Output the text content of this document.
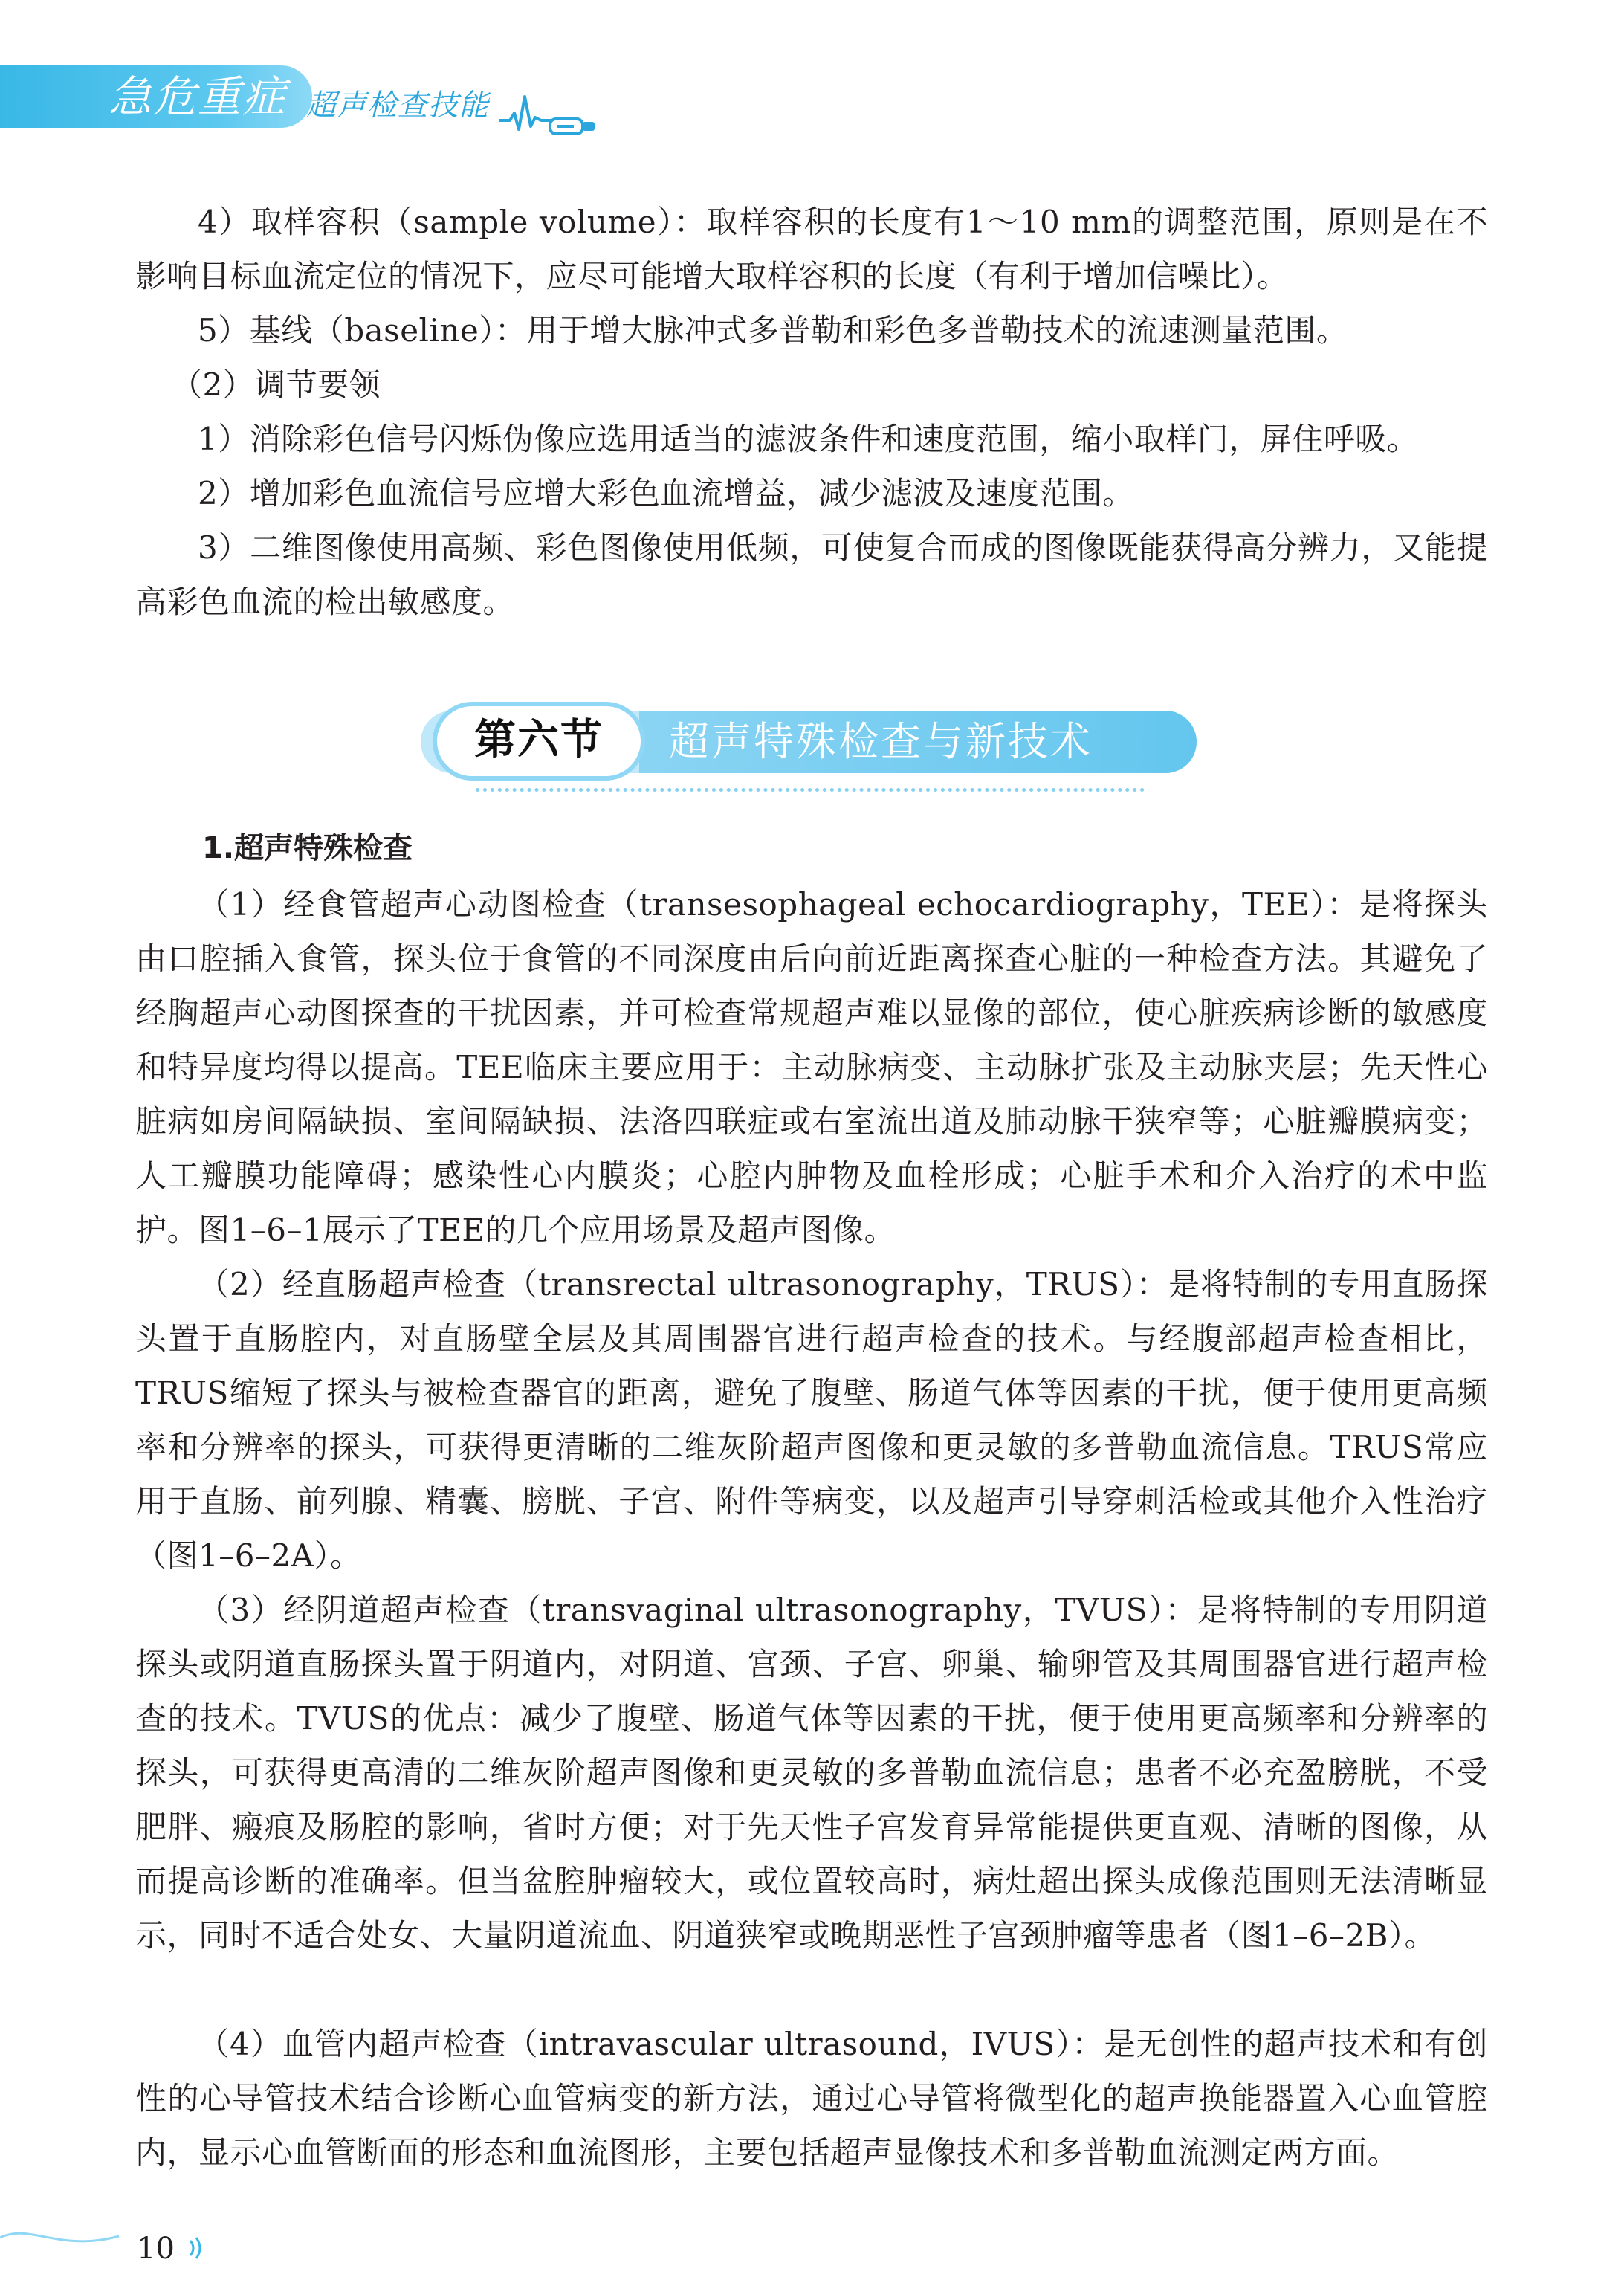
急危重症 超声检查技能

4）取样容积（sample volume）：取样容积的长度有1～10 mm的调整范围，原则是在不影响目标血流定位的情况下，应尽可能增大取样容积的长度（有利于增加信噪比）。

5）基线（baseline）：用于增大脉冲式多普勒和彩色多普勒技术的流速测量范围。

（2）调节要领

1）消除彩色信号闪烁伪像应选用适当的滤波条件和速度范围，缩小取样门，屏住呼吸。

2）增加彩色血流信号应增大彩色血流增益，减少滤波及速度范围。

3）二维图像使用高频、彩色图像使用低频，可使复合而成的图像既能获得高分辨力，又能提高彩色血流的检出敏感度。

第六节	超声特殊检查与新技术

1.超声特殊检查

（1）经食管超声心动图检查（transesophageal echocardiography，TEE）：是将探头由口腔插入食管，探头位于食管的不同深度由后向前近距离探查心脏的一种检查方法。其避免了经胸超声心动图探查的干扰因素，并可检查常规超声难以显像的部位，使心脏疾病诊断的敏感度和特异度均得以提高。TEE临床主要应用于：主动脉病变、主动脉扩张及主动脉夹层；先天性心脏病如房间隔缺损、室间隔缺损、法洛四联症或右室流出道及肺动脉干狭窄等；心脏瓣膜病变；人工瓣膜功能障碍；感染性心内膜炎；心腔内肿物及血栓形成；心脏手术和介入治疗的术中监护。图1–6–1展示了TEE的几个应用场景及超声图像。

（2）经直肠超声检查（transrectal ultrasonography，TRUS）：是将特制的专用直肠探头置于直肠腔内，对直肠壁全层及其周围器官进行超声检查的技术。与经腹部超声检查相比，TRUS缩短了探头与被检查器官的距离，避免了腹壁、肠道气体等因素的干扰，便于使用更高频率和分辨率的探头，可获得更清晰的二维灰阶超声图像和更灵敏的多普勒血流信息。TRUS常应用于直肠、前列腺、精囊、膀胱、子宫、附件等病变，以及超声引导穿刺活检或其他介入性治疗（图1–6–2A）。

（3）经阴道超声检查（transvaginal ultrasonography，TVUS）：是将特制的专用阴道探头或阴道直肠探头置于阴道内，对阴道、宫颈、子宫、卵巢、输卵管及其周围器官进行超声检查的技术。TVUS的优点：减少了腹壁、肠道气体等因素的干扰，便于使用更高频率和分辨率的探头，可获得更高清的二维灰阶超声图像和更灵敏的多普勒血流信息；患者不必充盈膀胱，不受肥胖、瘢痕及肠腔的影响，省时方便；对于先天性子宫发育异常能提供更直观、清晰的图像，从而提高诊断的准确率。但当盆腔肿瘤较大，或位置较高时，病灶超出探头成像范围则无法清晰显示，同时不适合处女、大量阴道流血、阴道狭窄或晚期恶性子宫颈肿瘤等患者（图1–6–2B）。

（4）血管内超声检查（intravascular ultrasound，IVUS）：是无创性的超声技术和有创性的心导管技术结合诊断心血管病变的新方法，通过心导管将微型化的超声换能器置入心血管腔内，显示心血管断面的形态和血流图形，主要包括超声显像技术和多普勒血流测定两方面。

10
